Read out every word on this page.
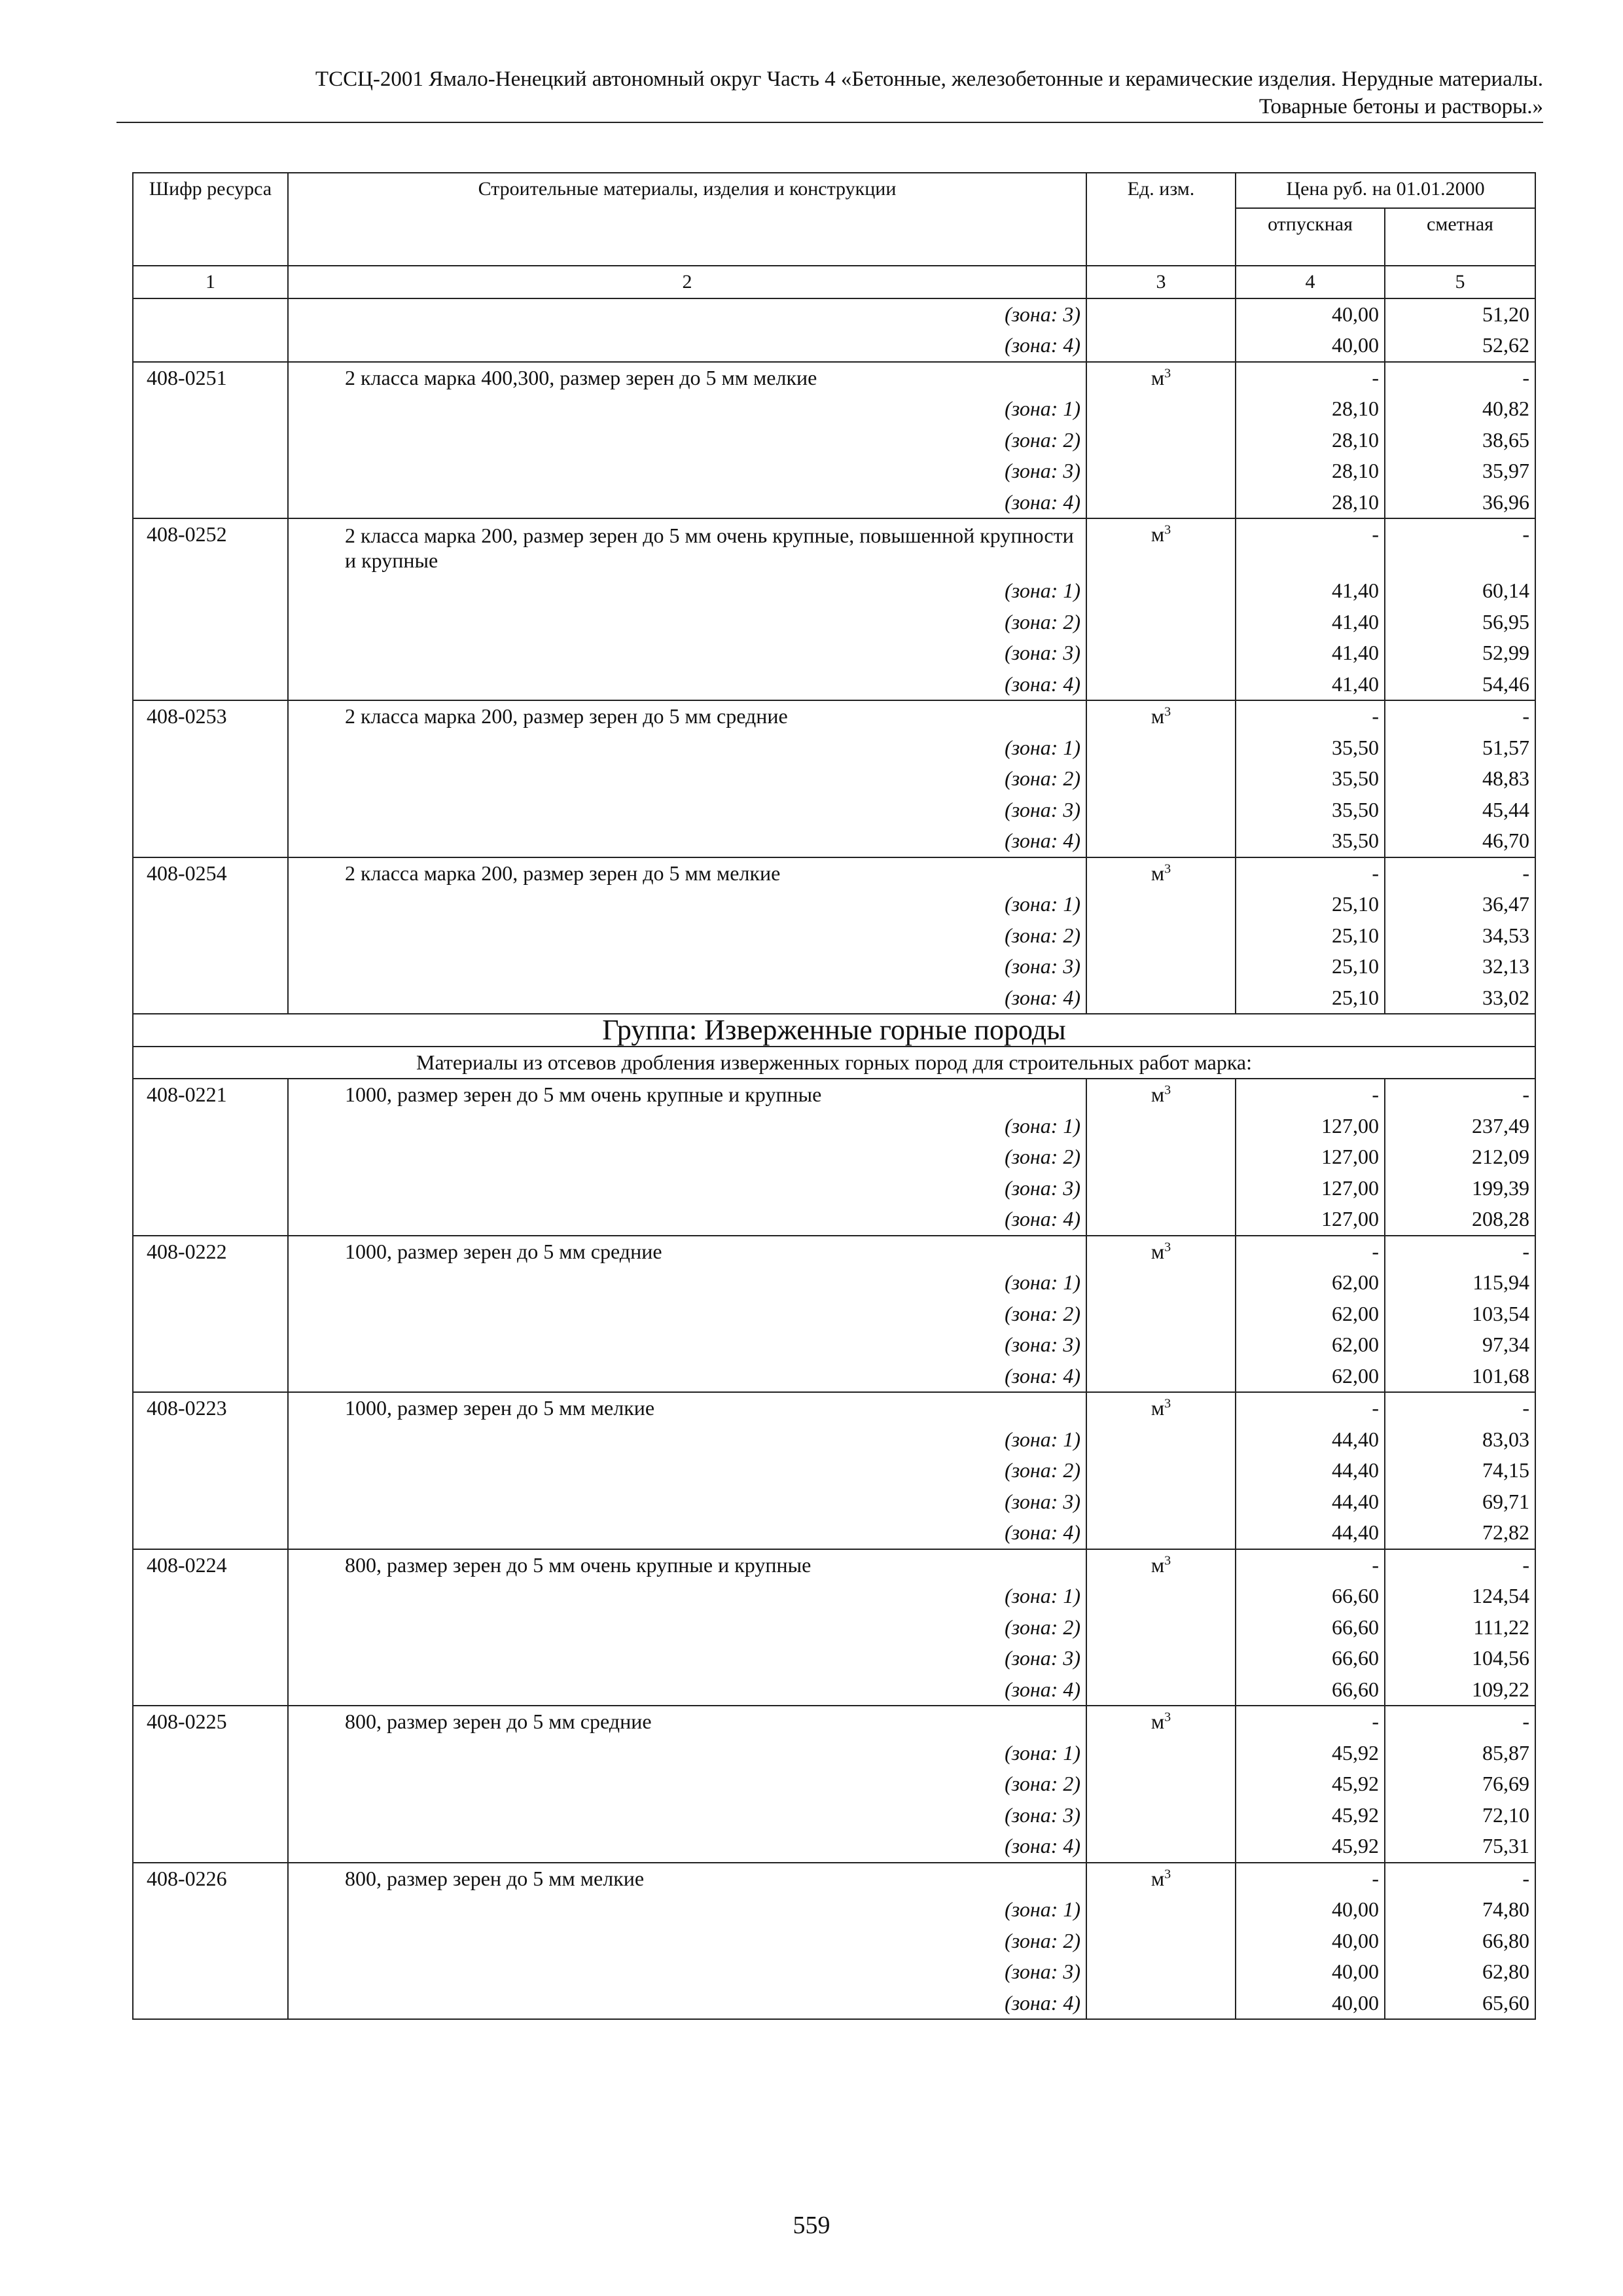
ТССЦ-2001 Ямало-Ненецкий автономный округ Часть 4 «Бетонные, железобетонные и керамические изделия. Нерудные материалы.
Товарные бетоны и растворы.»
Шифр ресурса	Строительные материалы, изделия и конструкции	Ед. изм.	Цена руб. на 01.01.2000	
			отпускная	сметная
1	2	3	4	5
	(зона: 3)		40,00	51,20
	(зона: 4)		40,00	52,62
408-0251	2 класса марка 400,300, размер зерен до 5 мм мелкие	$м^3$	-	-
	(зона: 1)		28,10	40,82
	(зона: 2)		28,10	38,65
	(зона: 3)		28,10	35,97
	(зона: 4)		28,10	36,96
408-0252	2 класса марка 200, размер зерен до 5 мм очень крупные, повышенной крупности и крупные	$м^3$	-	-
	(зона: 1)		41,40	60,14
	(зона: 2)		41,40	56,95
	(зона: 3)		41,40	52,99
	(зона: 4)		41,40	54,46
408-0253	2 класса марка 200, размер зерен до 5 мм средние	$м^3$	-	-
	(зона: 1)		35,50	51,57
	(зона: 2)		35,50	48,83
	(зона: 3)		35,50	45,44
	(зона: 4)		35,50	46,70
408-0254	2 класса марка 200, размер зерен до 5 мм мелкие	$м^3$	-	-
	(зона: 1)		25,10	36,47
	(зона: 2)		25,10	34,53
	(зона: 3)		25,10	32,13
	(зона: 4)		25,10	33,02
Группа: Изверженные горные породы				
Материалы из отсевов дробления изверженных горных пород для строительных работ марка:				
408-0221	1000, размер зерен до 5 мм очень крупные и крупные	$м^3$	-	-
	(зона: 1)		127,00	237,49
	(зона: 2)		127,00	212,09
	(зона: 3)		127,00	199,39
	(зона: 4)		127,00	208,28
408-0222	1000, размер зерен до 5 мм средние	$м^3$	-	-
	(зона: 1)		62,00	115,94
	(зона: 2)		62,00	103,54
	(зона: 3)		62,00	97,34
	(зона: 4)		62,00	101,68
408-0223	1000, размер зерен до 5 мм мелкие	$м^3$	-	-
	(зона: 1)		44,40	83,03
	(зона: 2)		44,40	74,15
	(зона: 3)		44,40	69,71
	(зона: 4)		44,40	72,82
408-0224	800, размер зерен до 5 мм очень крупные и крупные	$м^3$	-	-
	(зона: 1)		66,60	124,54
	(зона: 2)		66,60	111,22
	(зона: 3)		66,60	104,56
	(зона: 4)		66,60	109,22
408-0225	800, размер зерен до 5 мм средние	$м^3$	-	-
	(зона: 1)		45,92	85,87
	(зона: 2)		45,92	76,69
	(зона: 3)		45,92	72,10
	(зона: 4)		45,92	75,31
408-0226	800, размер зерен до 5 мм мелкие	$м^3$	-	-
	(зона: 1)		40,00	74,80
	(зона: 2)		40,00	66,80
	(зона: 3)		40,00	62,80
	(зона: 4)		40,00	65,60
559
